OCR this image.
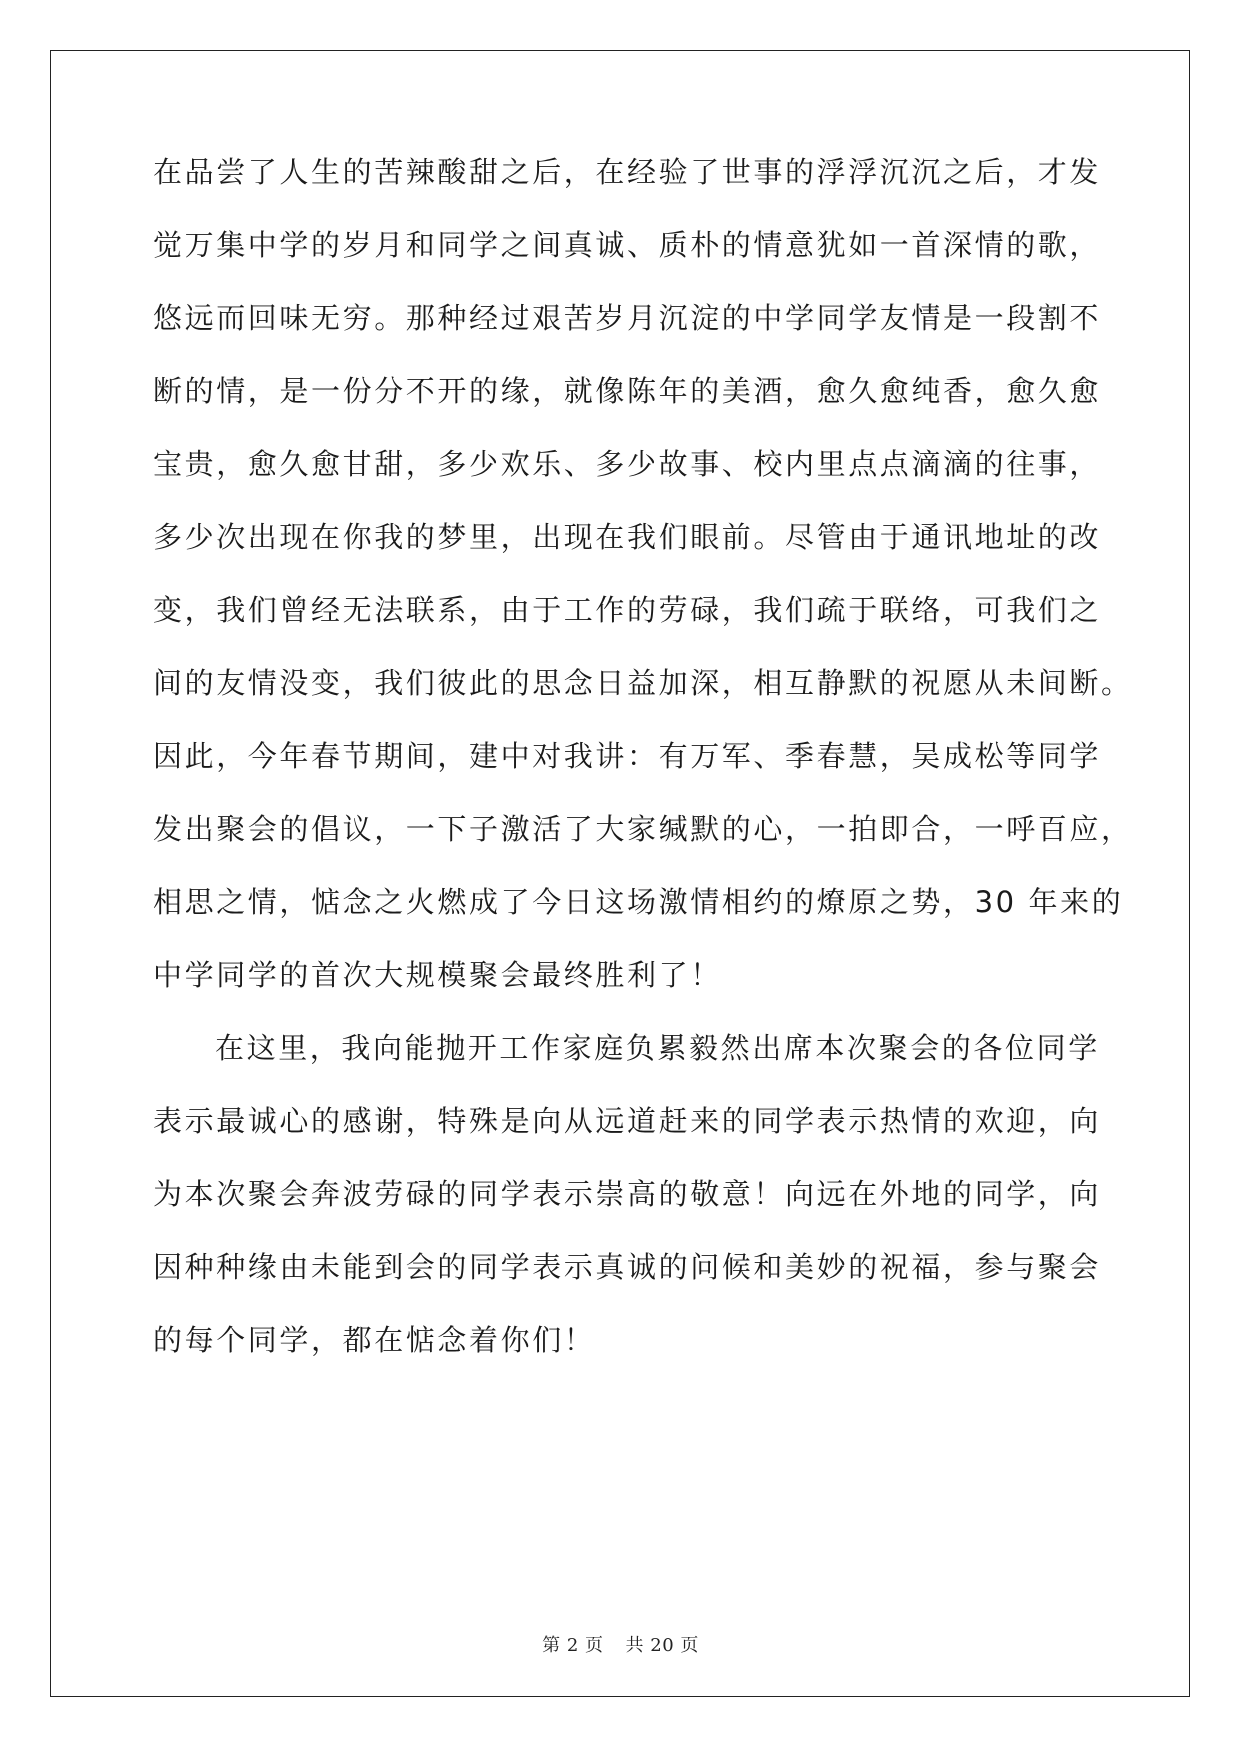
在品尝了人生的苦辣酸甜之后，在经验了世事的浮浮沉沉之后，才发
觉万集中学的岁月和同学之间真诚、质朴的情意犹如一首深情的歌，
悠远而回味无穷。那种经过艰苦岁月沉淀的中学同学友情是一段割不
断的情，是一份分不开的缘，就像陈年的美酒，愈久愈纯香，愈久愈
宝贵，愈久愈甘甜，多少欢乐、多少故事、校内里点点滴滴的往事，
多少次出现在你我的梦里，出现在我们眼前。尽管由于通讯地址的改
变，我们曾经无法联系，由于工作的劳碌，我们疏于联络，可我们之
间的友情没变，我们彼此的思念日益加深，相互静默的祝愿从未间断。
因此，今年春节期间，建中对我讲：有万军、季春慧，吴成松等同学
发出聚会的倡议，一下子激活了大家缄默的心，一拍即合，一呼百应，
相思之情，惦念之火燃成了今日这场激情相约的燎原之势，30 年来的
中学同学的首次大规模聚会最终胜利了！
在这里，我向能抛开工作家庭负累毅然出席本次聚会的各位同学
表示最诚心的感谢，特殊是向从远道赶来的同学表示热情的欢迎，向
为本次聚会奔波劳碌的同学表示崇高的敬意！向远在外地的同学，向
因种种缘由未能到会的同学表示真诚的问候和美妙的祝福，参与聚会
的每个同学，都在惦念着你们！
第 2 页 共 20 页
